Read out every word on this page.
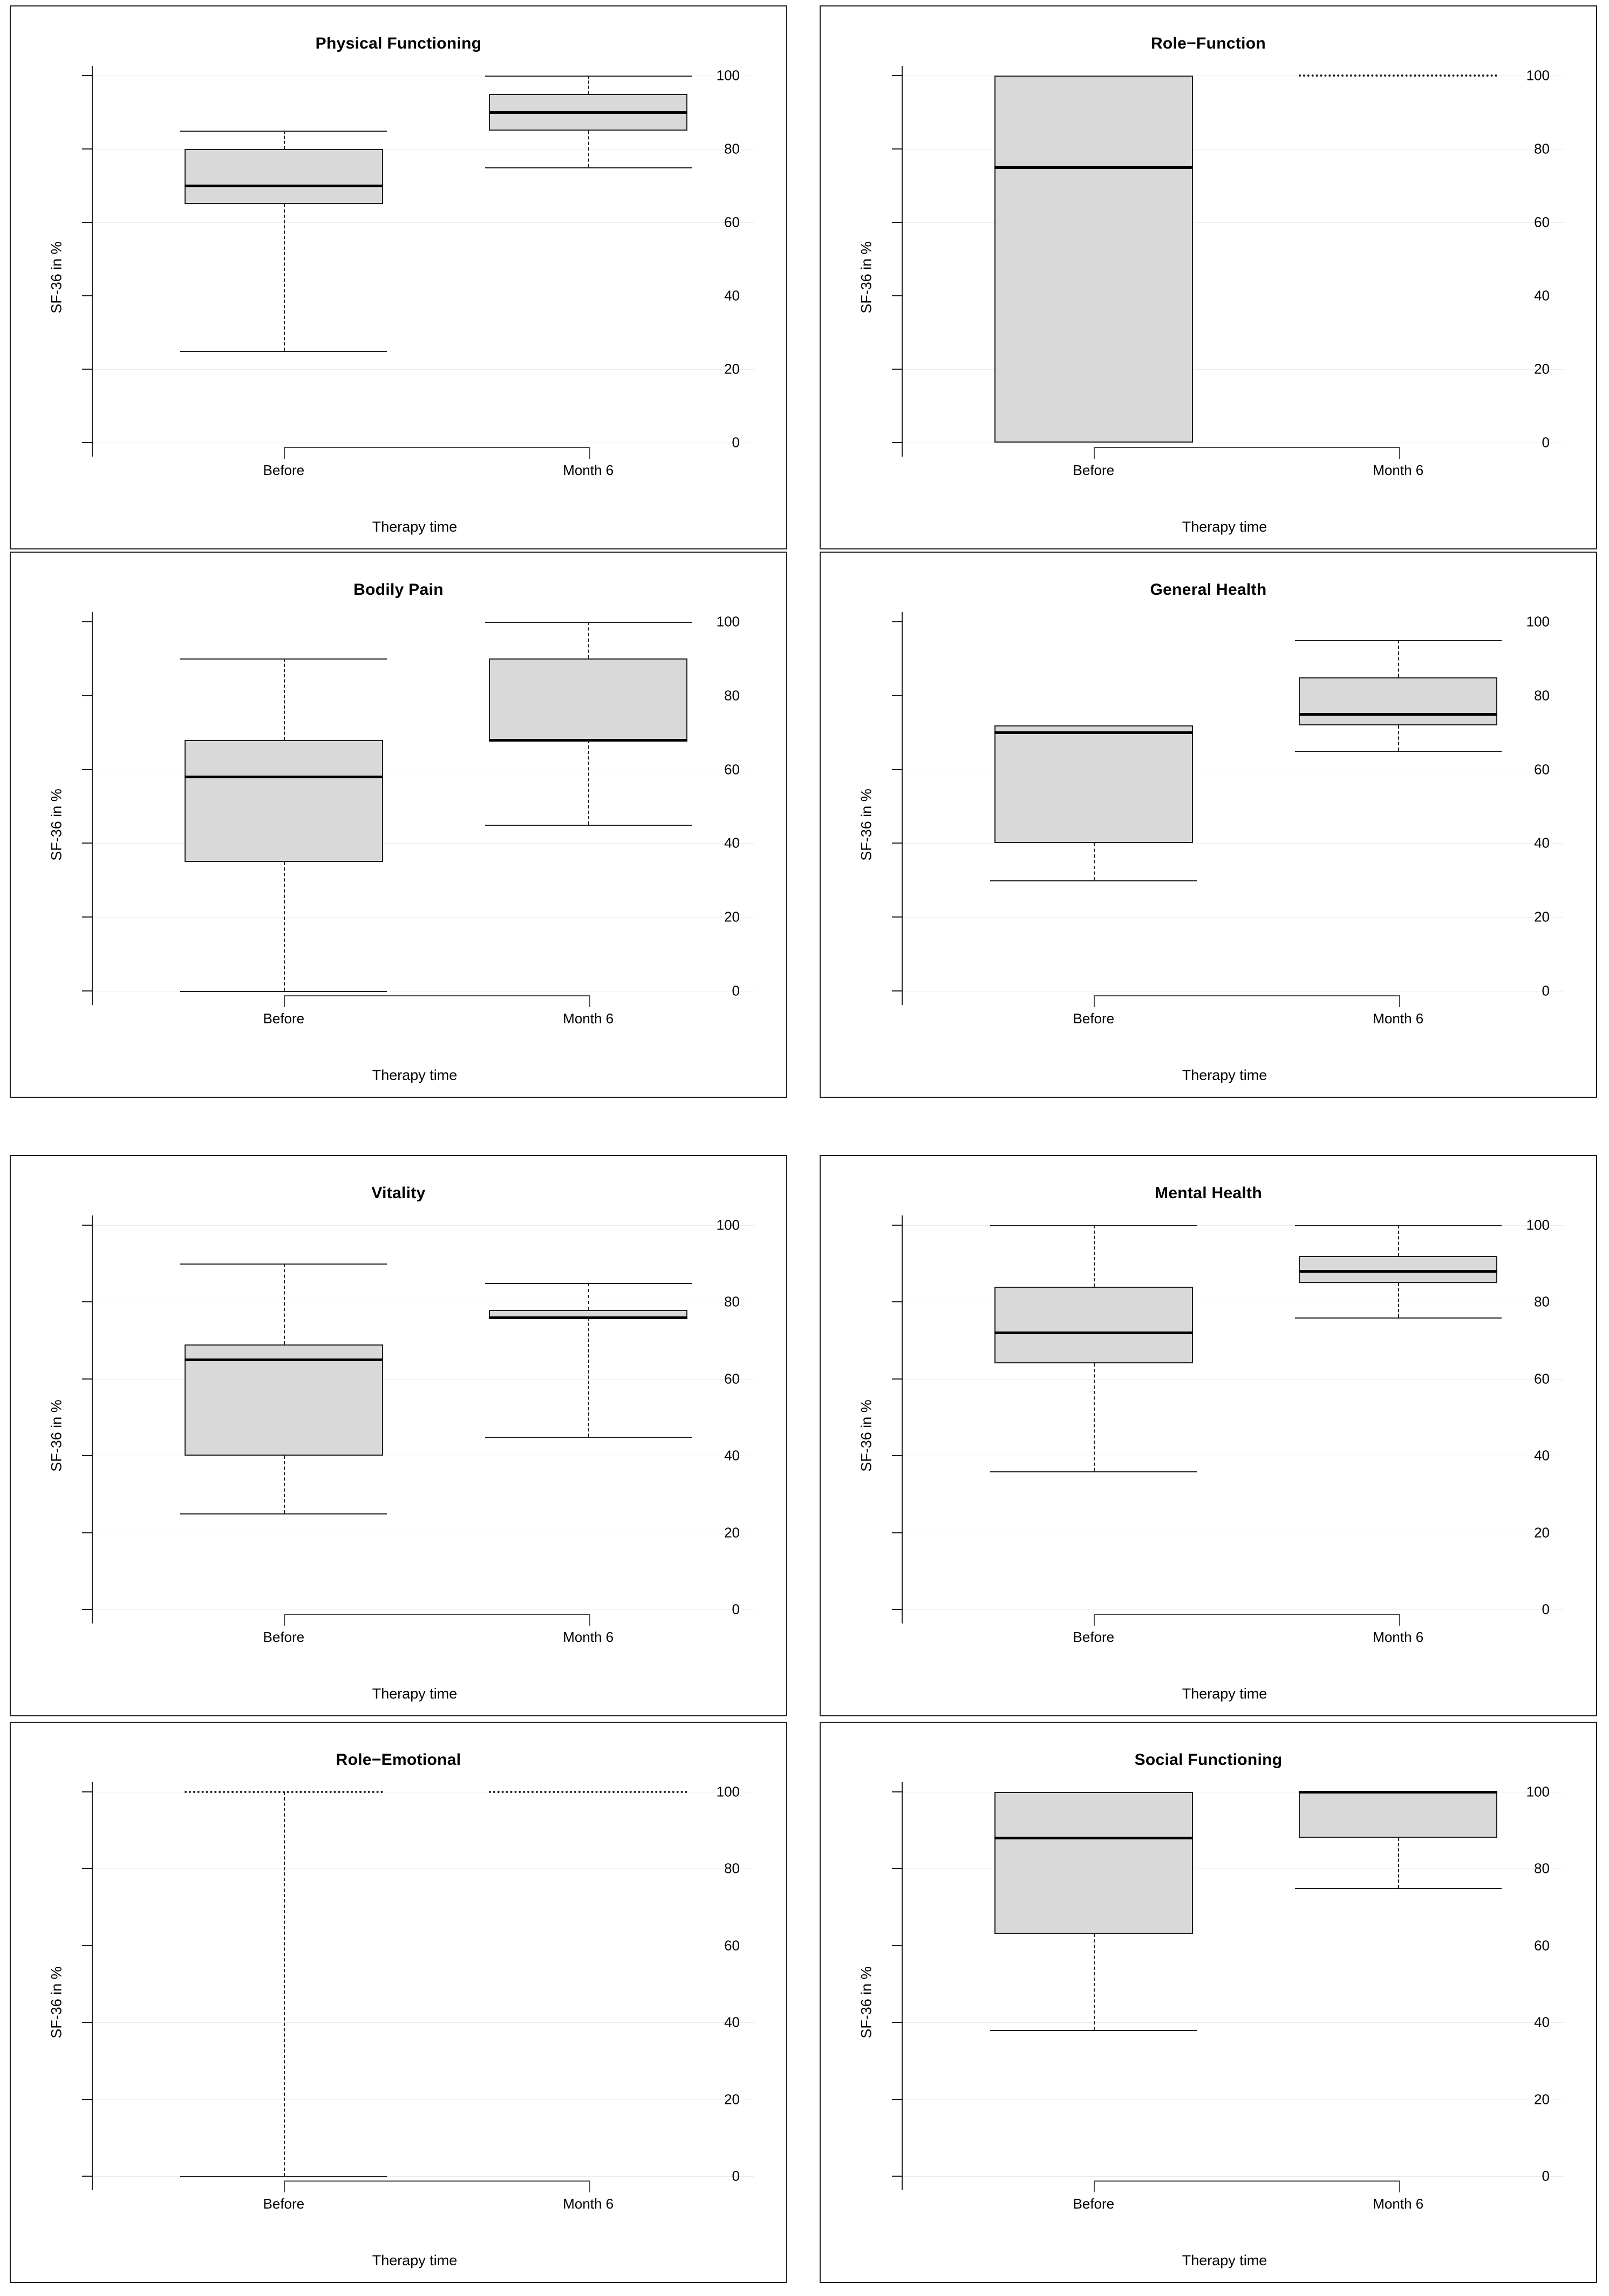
Physical Functioning
SF-36 in %
Therapy time
0
20
40
60
80
100
Before	Month 6
Role−Function
SF-36 in %
Therapy time
0
20
40
60
80
100
Before	Month 6
Bodily Pain
SF-36 in %
Therapy time
0
20
40
60
80
100
Before	Month 6
General Health
SF-36 in %
Therapy time
0
20
40
60
80
100
Before	Month 6
Vitality
SF-36 in %
Therapy time
0
20
40
60
80
100
Before	Month 6
Mental Health
SF-36 in %
Therapy time
0
20
40
60
80
100
Before	Month 6
Role−Emotional
SF-36 in %
Therapy time
0
20
40
60
80
100
Before	Month 6
Social Functioning
SF-36 in %
Therapy time
0
20
40
60
80
100
Before	Month 6
